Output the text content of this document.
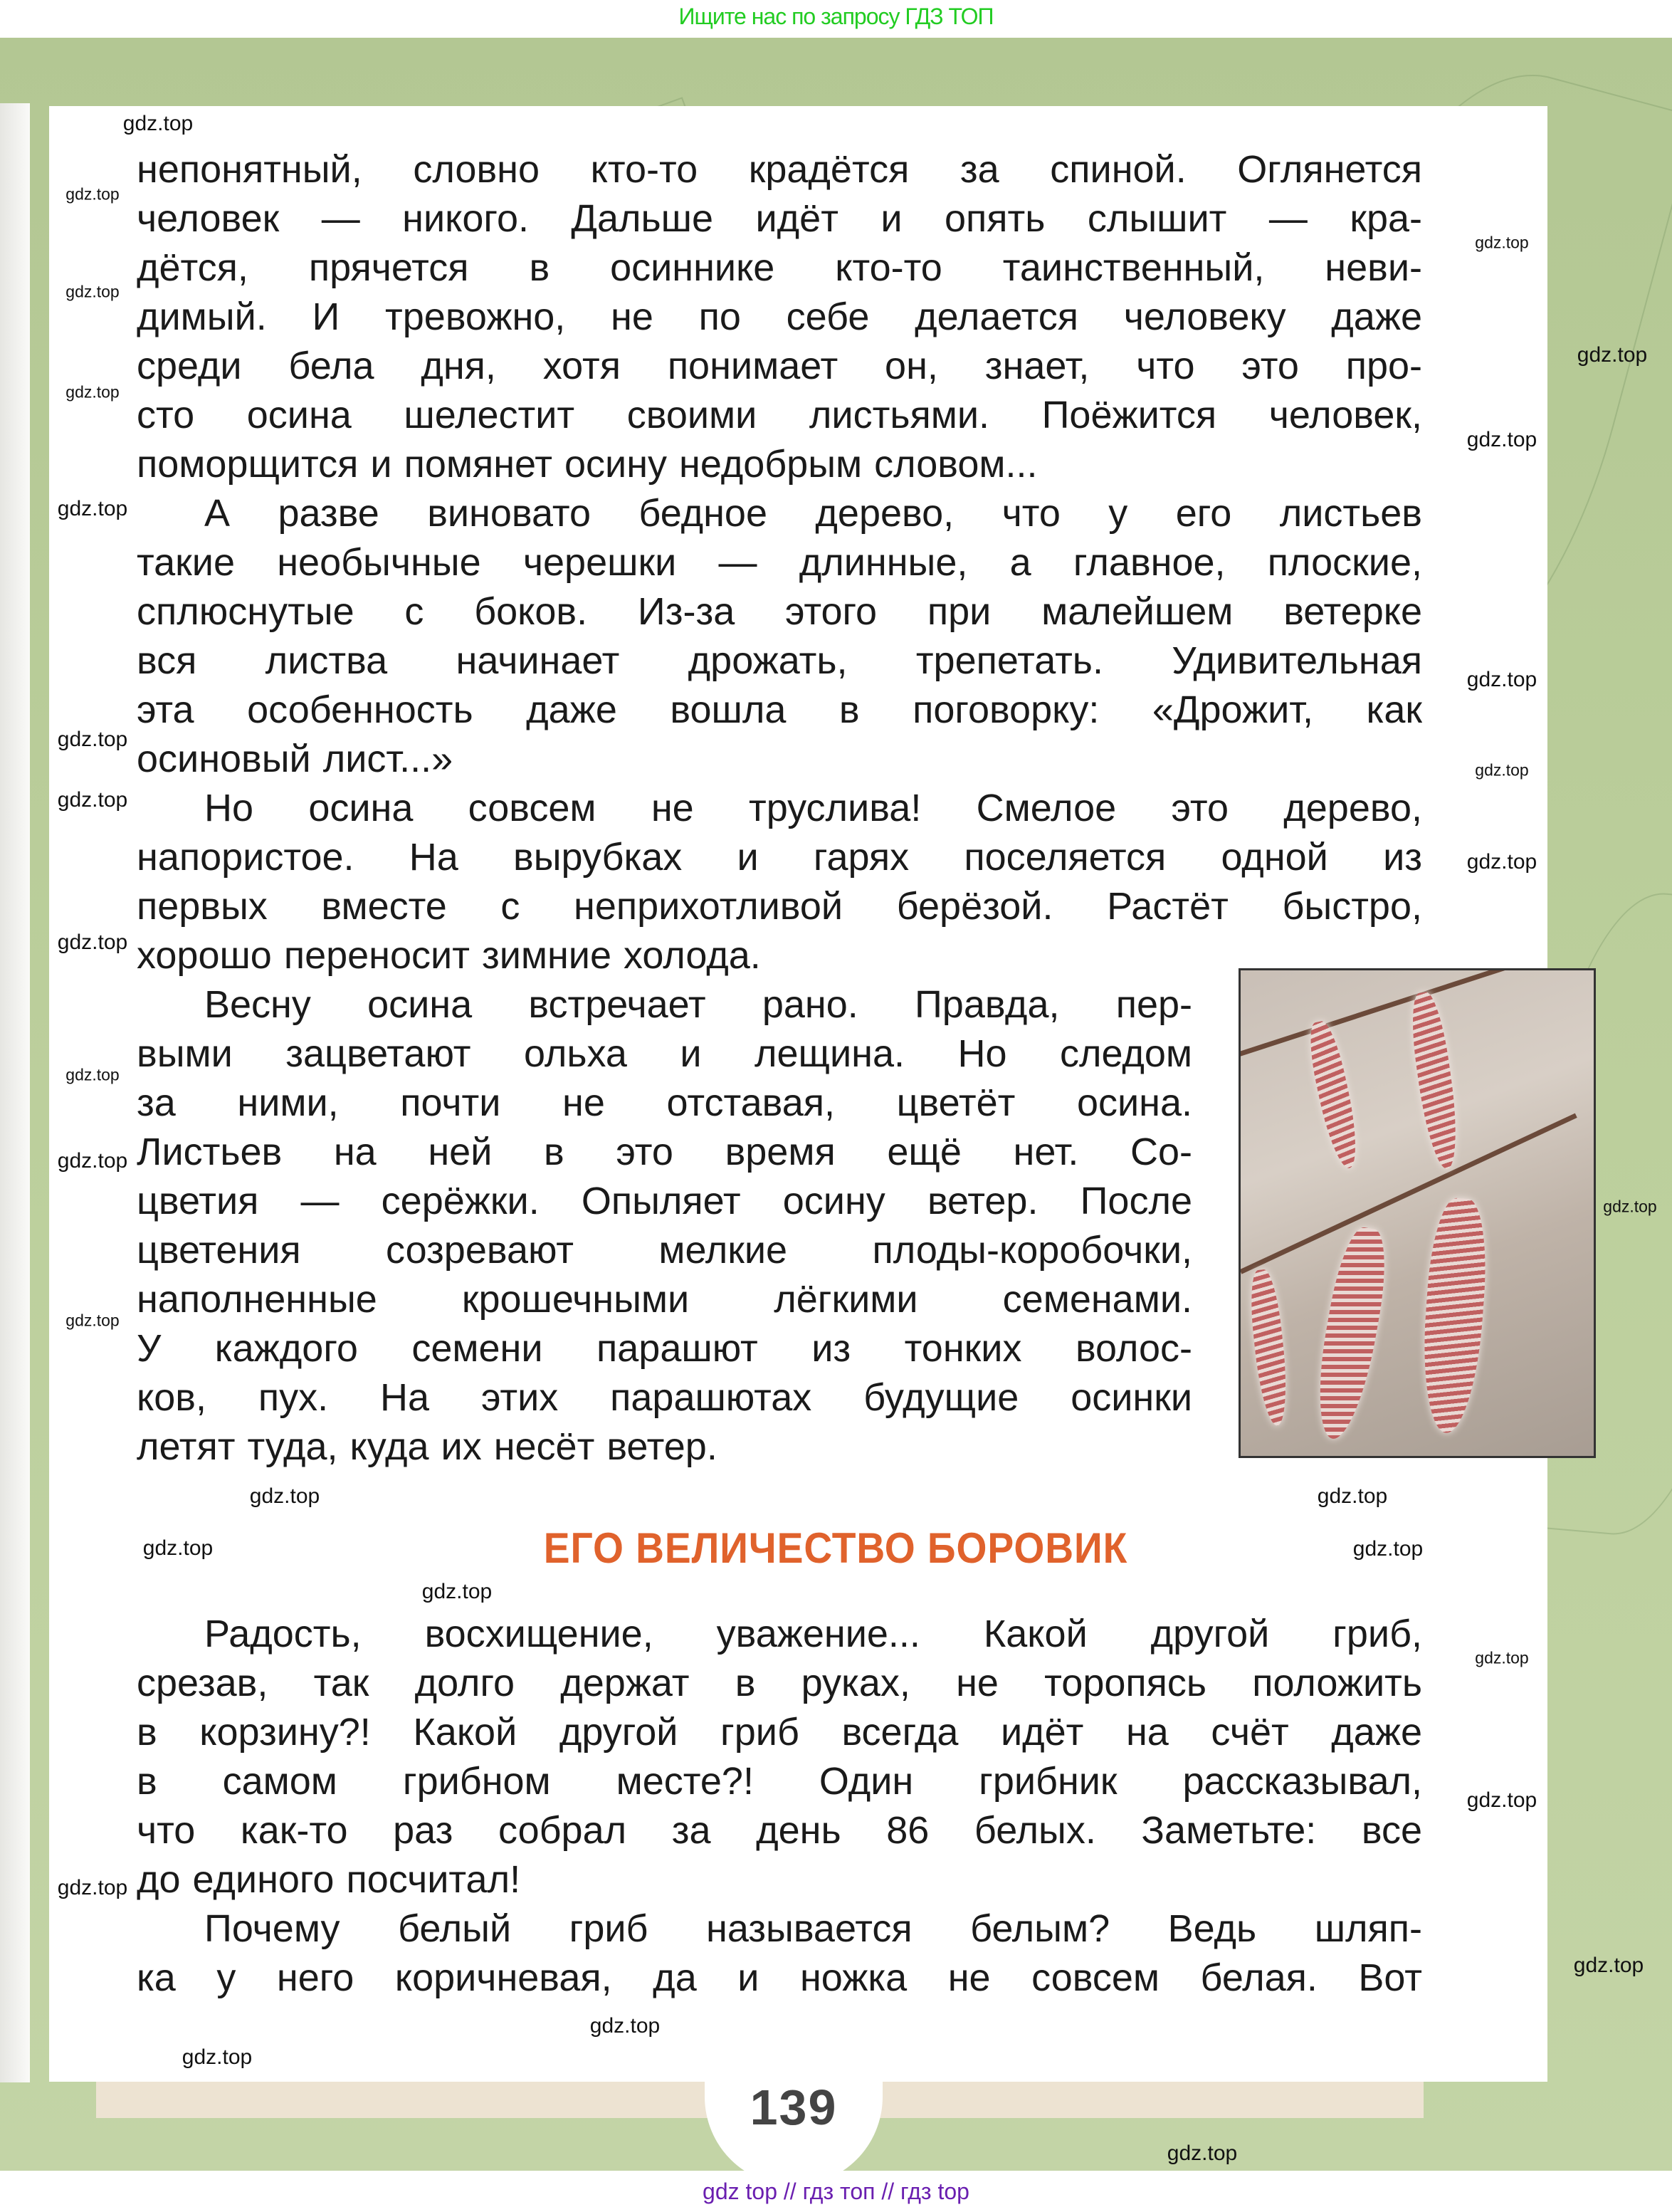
Ищите нас по запросу ГДЗ ТОП
139
непонятный, словно кто-то крадётся за спиной. Оглянется
человек — никого. Дальше идёт и опять слышит — кра-
дётся, прячется в осиннике кто-то таинственный, неви-
димый. И тревожно, не по себе делается человеку даже
среди бела дня, хотя понимает он, знает, что это про-
сто осина шелестит своими листьями. Поёжится человек,
поморщится и помянет осину недобрым словом...
А разве виновато бедное дерево, что у его листьев
такие необычные черешки — длинные, а главное, плоские,
сплюснутые с боков. Из-за этого при малейшем ветерке
вся листва начинает дрожать, трепетать. Удивительная
эта особенность даже вошла в поговорку: «Дрожит, как
осиновый лист...»
Но осина совсем не труслива! Смелое это дерево,
напористое. На вырубках и гарях поселяется одной из
первых вместе с неприхотливой берёзой. Растёт быстро,
хорошо переносит зимние холода.
Весну осина встречает рано. Правда, пер-
выми зацветают ольха и лещина. Но следом
за ними, почти не отставая, цветёт осина.
Листьев на ней в это время ещё нет. Со-
цветия — серёжки. Опыляет осину ветер. После
цветения созревают мелкие плоды-коробочки,
наполненные крошечными лёгкими семенами.
У каждого семени парашют из тонких волос-
ков, пух. На этих парашютах будущие осинки
летят туда, куда их несёт ветер.
ЕГО ВЕЛИЧЕСТВО БОРОВИК
Радость, восхищение, уважение... Какой другой гриб,
срезав, так долго держат в руках, не торопясь положить
в корзину?! Какой другой гриб всегда идёт на счёт даже
в самом грибном месте?! Один грибник рассказывал,
что как-то раз собрал за день 86 белых. Заметьте: все
до единого посчитал!
Почему белый гриб называется белым? Ведь шляп-
ка у него коричневая, да и ножка не совсем белая. Вот
gdz.top
gdz.top
gdz.top
gdz.top
gdz.top
gdz.top
gdz.top
gdz.top
gdz.top
gdz.top
gdz.top
gdz.top
gdz.top
gdz.top
gdz.top
gdz.top
gdz.top
gdz.top
gdz.top
gdz.top
gdz.top	gdz.top
gdz.top
gdz.top
gdz.top
gdz.top
gdz.top
gdz.top
gdz.top
gdz.top
gdz top // гдз топ // гдз top
